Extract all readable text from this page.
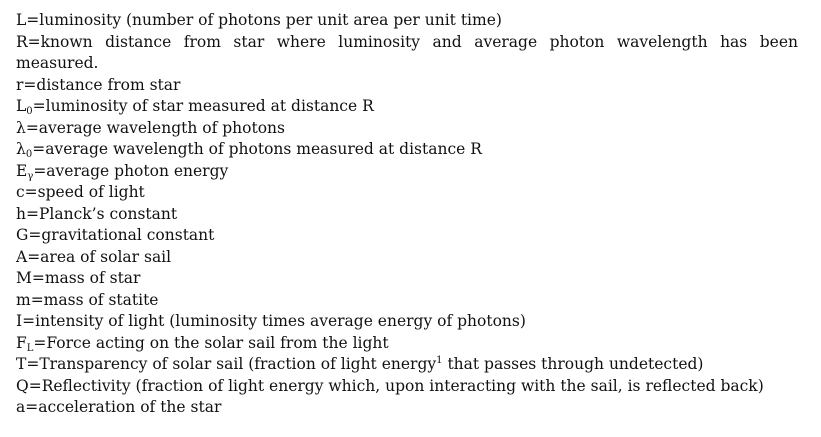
L=luminosity (number of photons per unit area per unit time)
R=known distance from star where luminosity and average photon wavelength has been
measured.
r=distance from star
$L_0=luminosity$ of star measured at distance R
λ=average wavelength of photons
$\lambda_0=average$ wavelength of photons measured at distance R
$E_\gamma=average$ photon energy
c=speed of light
h=Planck’s constant
G=gravitational constant
A=area of solar sail
M=mass of star
m=mass of statite
I=intensity of light (luminosity times average energy of photons)
$F_L=Force$ acting on the solar sail from the light
T=Transparency of solar sail (fraction of light energy$^1$ that passes through undetected)
Q=Reflectivity (fraction of light energy which, upon interacting with the sail, is reflected back)
a=acceleration of the star
